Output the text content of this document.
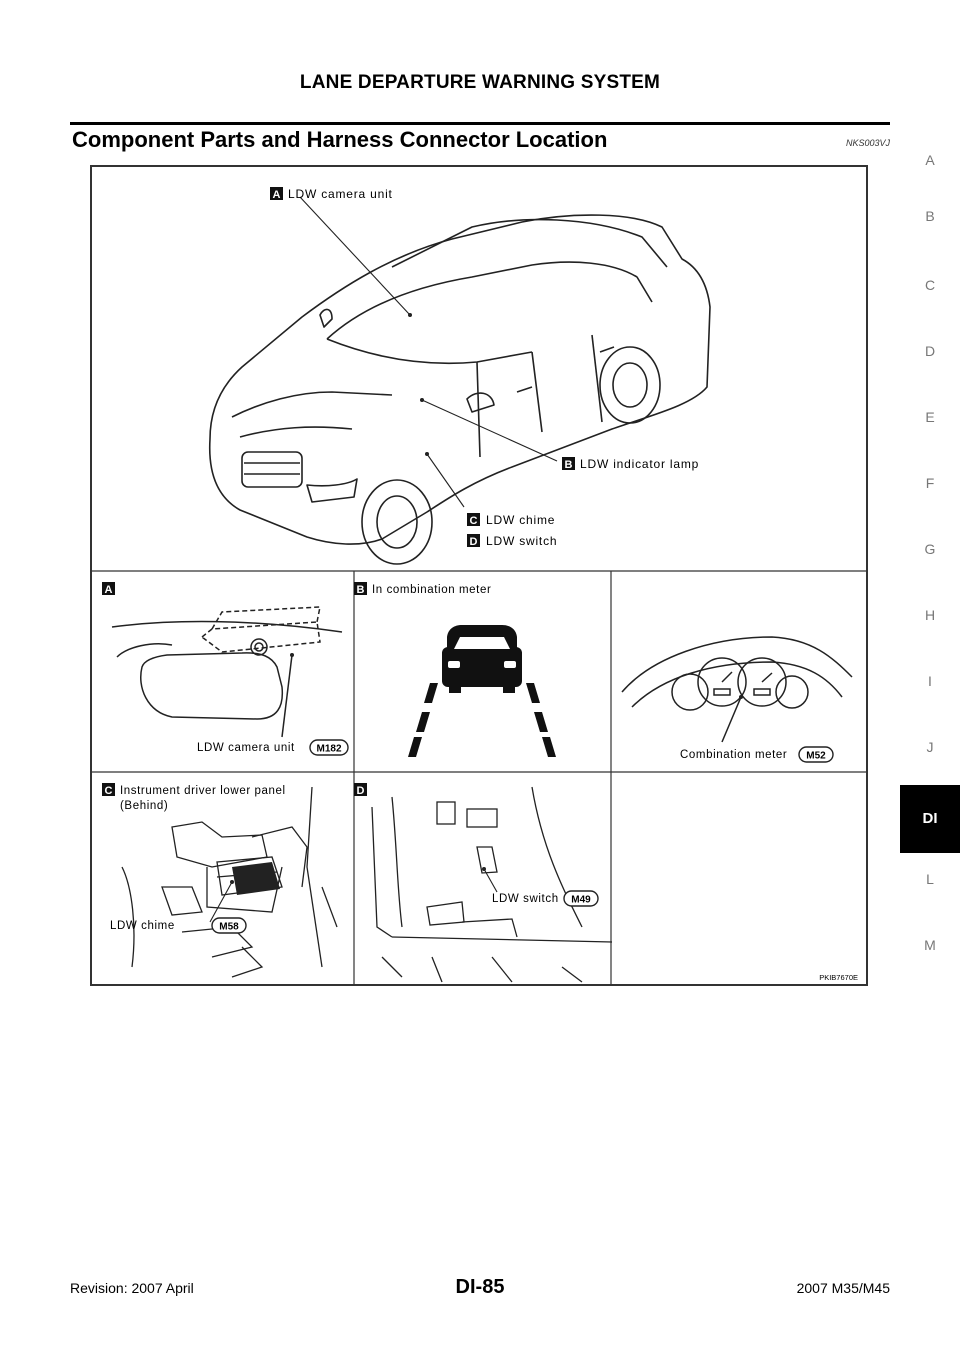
LANE DEPARTURE WARNING SYSTEM
Component Parts and Harness Connector Location	NKS003VJ
A
B
C
D
E
F
G
H
I
J
DI
L
M
A LDW camera unit
B LDW indicator lamp
C LDW chime
D LDW switch
A
LDW camera unit M182
B In combination meter
Combination meter M52
C Instrument driver lower panel
(Behind)
LDW chime	M58
D
LDW switch M49
PKIB7670E
Revision: 2007 April	DI-85	2007 M35/M45
